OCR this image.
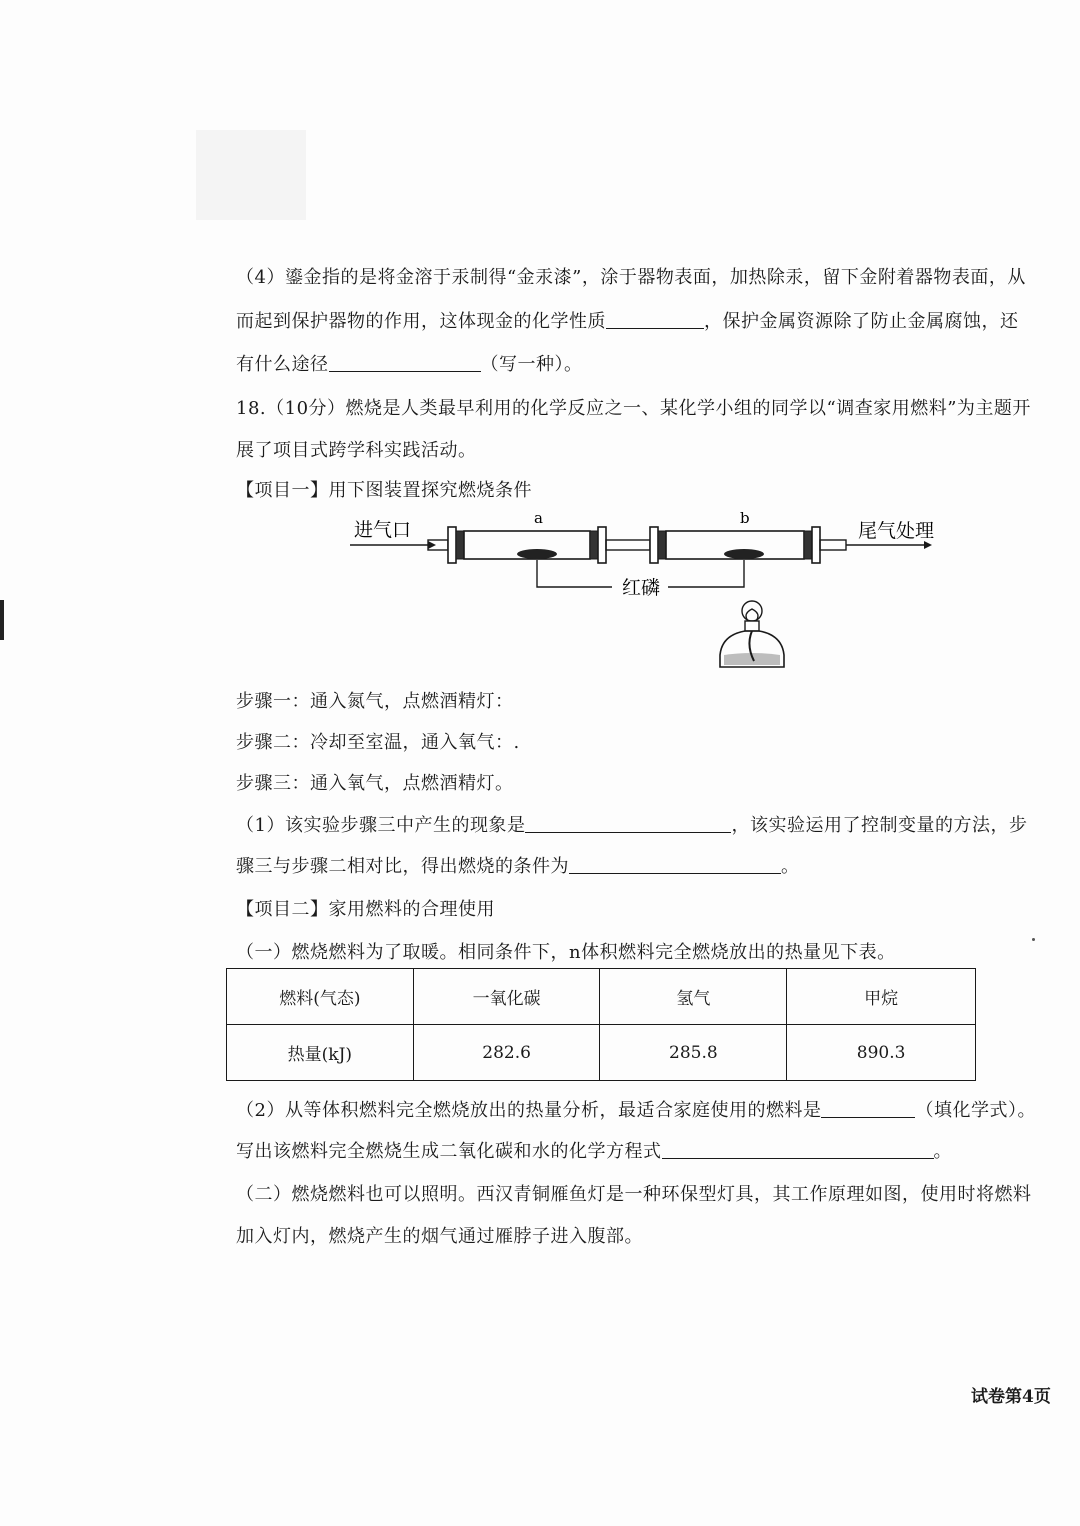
（4）鎏金指的是将金溶于汞制得“金汞漆”，涂于器物表面，加热除汞，留下金附着器物表面，从
而起到保护器物的作用，这体现金的化学性质	，保护金属资源除了防止金属腐蚀，还
有什么途径	（写一种）。
18.（10分）燃烧是人类最早利用的化学反应之一、某化学小组的同学以“调查家用燃料”为主题开
展了项目式跨学科实践活动。
【项目一】用下图装置探究燃烧条件
进气口
a	b
尾气处理
红磷
步骤一：通入氮气，点燃酒精灯：
步骤二：冷却至室温，通入氧气：.
步骤三：通入氧气，点燃酒精灯。
（1）该实验步骤三中产生的现象是	，该实验运用了控制变量的方法，步
骤三与步骤二相对比，得出燃烧的条件为	。
【项目二】家用燃料的合理使用
（一）燃烧燃料为了取暖。相同条件下，n体积燃料完全燃烧放出的热量见下表。
燃料(气态)	一氧化碳	氢气	甲烷
热量(kJ)	282.6	285.8	890.3
（2）从等体积燃料完全燃烧放出的热量分析，最适合家庭使用的燃料是	（填化学式）。
写出该燃料完全燃烧生成二氧化碳和水的化学方程式	。
（二）燃烧燃料也可以照明。西汉青铜雁鱼灯是一种环保型灯具，其工作原理如图，使用时将燃料
加入灯内，燃烧产生的烟气通过雁脖子进入腹部。
试卷第4页
